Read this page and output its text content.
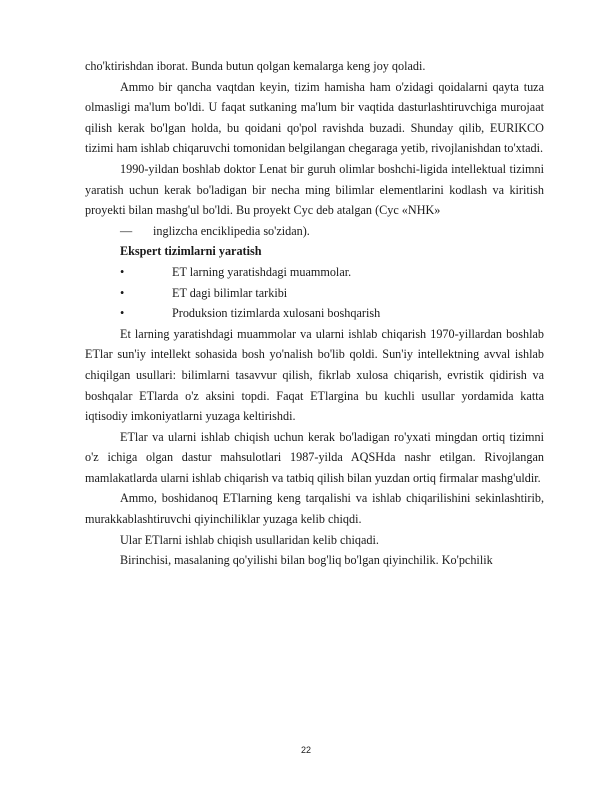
cho'ktirishdan iborat. Bunda butun qolgan kemalarga keng joy qoladi.

Ammo bir qancha vaqtdan keyin, tizim hamisha ham o'zidagi qoidalarni qayta tuza olmasligi ma'lum bo'ldi. U faqat sutkaning ma'lum bir vaqtida dasturlashtiruvchiga murojaat qilish kerak bo'lgan holda, bu qoidani qo'pol ravishda buzadi. Shunday qilib, EURIKCO tizimi ham ishlab chiqaruvchi tomonidan belgilangan chegaraga yetib, rivojlanishdan to'xtadi.

1990-yildan boshlab doktor Lenat bir guruh olimlar boshchi-ligida intellektual tizimni yaratish uchun kerak bo'ladigan bir necha ming bilimlar elementlarini kodlash va kiritish proyekti bilan mashg'ul bo'ldi. Bu proyekt Cyc deb atalgan (Cyc «NHK»

—	inglizcha enciklipedia so'zidan).

Ekspert tizimlarni yaratish

•	ET larning yaratishdagi muammolar.

•	ET dagi bilimlar tarkibi

•	Produksion tizimlarda xulosani boshqarish

Et larning yaratishdagi muammolar va ularni ishlab chiqarish 1970-yillardan boshlab ETlar sun'iy intellekt sohasida bosh yo'nalish bo'lib qoldi. Sun'iy intellektning avval ishlab chiqilgan usullari: bilimlarni tasavvur qilish, fikrlab xulosa chiqarish, evristik qidirish va boshqalar ETlarda o'z aksini topdi. Faqat ETlargina bu kuchli usullar yordamida katta iqtisodiy imkoniyatlarni yuzaga keltirishdi.

ETlar va ularni ishlab chiqish uchun kerak bo'ladigan ro'yxati mingdan ortiq tizimni o'z ichiga olgan dastur mahsulotlari 1987-yilda AQSHda nashr etilgan. Rivojlangan mamlakatlarda ularni ishlab chiqarish va tatbiq qilish bilan yuzdan ortiq firmalar mashg'uldir.

Ammo, boshidanoq ETlarning keng tarqalishi va ishlab chiqarilishini sekinlashtirib, murakkablashtiruvchi qiyinchiliklar yuzaga kelib chiqdi.

Ular ETlarni ishlab chiqish usullaridan kelib chiqadi.

Birinchisi, masalaning qo'yilishi bilan bog'liq bo'lgan qiyinchilik. Ko'pchilik

22
